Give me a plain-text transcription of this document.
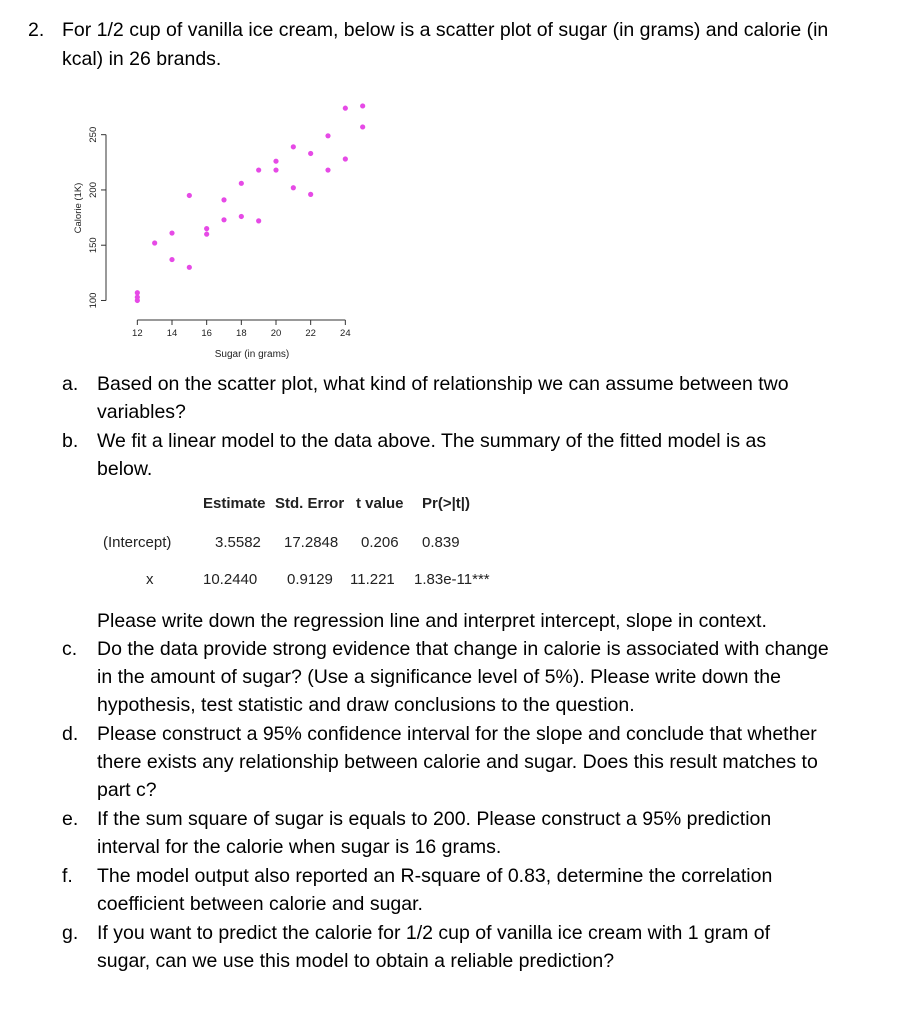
2. For 1/2 cup of vanilla ice cream, below is a scatter plot of sugar (in grams) and calorie (in
kcal) in 26 brands.
12	14	16	18	20	22	24
100
150
200
250
Sugar (in grams)
Calorie (1K)
a. Based on the scatter plot, what kind of relationship we can assume between two
variables?
b. We fit a linear model to the data above. The summary of the fitted model is as
below.
Estimate Std. Error t value Pr(>|t|)
(Intercept)	3.5582 17.2848 0.206 0.839
x	10.2440 0.9129 11.221 1.83e-11***
Please write down the regression line and interpret intercept, slope in context.
c. Do the data provide strong evidence that change in calorie is associated with change
in the amount of sugar? (Use a significance level of 5%). Please write down the
hypothesis, test statistic and draw conclusions to the question.
d. Please construct a 95% confidence interval for the slope and conclude that whether
there exists any relationship between calorie and sugar. Does this result matches to
part c?
e. If the sum square of sugar is equals to 200. Please construct a 95% prediction
interval for the calorie when sugar is 16 grams.
f. The model output also reported an R-square of 0.83, determine the correlation
coefficient between calorie and sugar.
g. If you want to predict the calorie for 1/2 cup of vanilla ice cream with 1 gram of
sugar, can we use this model to obtain a reliable prediction?
